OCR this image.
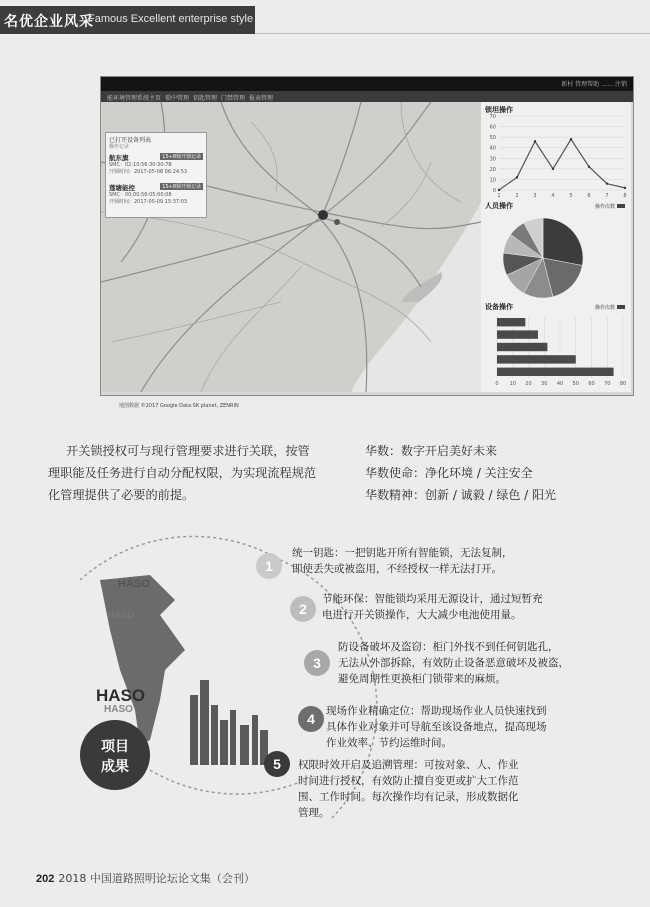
名优企业风采
Famous Excellent enterprise style
新村 管理帮助 …… 注销
能环境管理系统主页 锁中管理 钥匙管理 门禁管理 报表管理
已打开设备列表
操作记录
航东旗	15+8锁开锁记录
SMC：02:10:56:30:30:7B
开锁时间：2017-05-08 06:24:53
莲塘能控	15+8锁开锁记录
SMC：00:00:56:05:00:08
开锁时间：2017-05-09 15:37:03
地图数据 ©2017 Google Data·SK planet, ZENRIN
锁坦操作
0
10
20
30
40
50
60
70
1	2	3	4	5	6	7	8
人员操作	操作次数
设备操作	操作次数
0 10 20 30 40 50 60 70 80
开关锁授权可与现行管理要求进行关联，按管
理职能及任务进行自动分配权限，为实现流程规范
化管理提供了必要的前提。
华数：数字开启美好未来
华数使命：净化环境 / 关注安全
华数精神：创新 / 诚毅 / 绿色 / 阳光
HASO
HASO
HASO
HASO
项目
成果
1
统一钥匙：一把钥匙开所有智能锁，无法复制，
即使丢失或被盗用，不经授权一样无法打开。
2
节能环保：智能锁均采用无源设计，通过短暂充
电进行开关锁操作，大大减少电池使用量。
3
防设备破坏及盗窃：柜门外找不到任何钥匙孔，
无法从外部拆除，有效防止设备恶意破坏及被盗，
避免周期性更换柜门锁带来的麻烦。
4	现场作业精确定位：帮助现场作业人员快速找到
具体作业对象并可导航至该设备地点，提高现场
作业效率、节约运维时间。
5	权限时效开启及追溯管理：可按对象、人、作业
时间进行授权，有效防止擅自变更或扩大工作范
围、工作时间。每次操作均有记录，形成数据化
管理。
202 2018 中国道路照明论坛论文集（会刊）
